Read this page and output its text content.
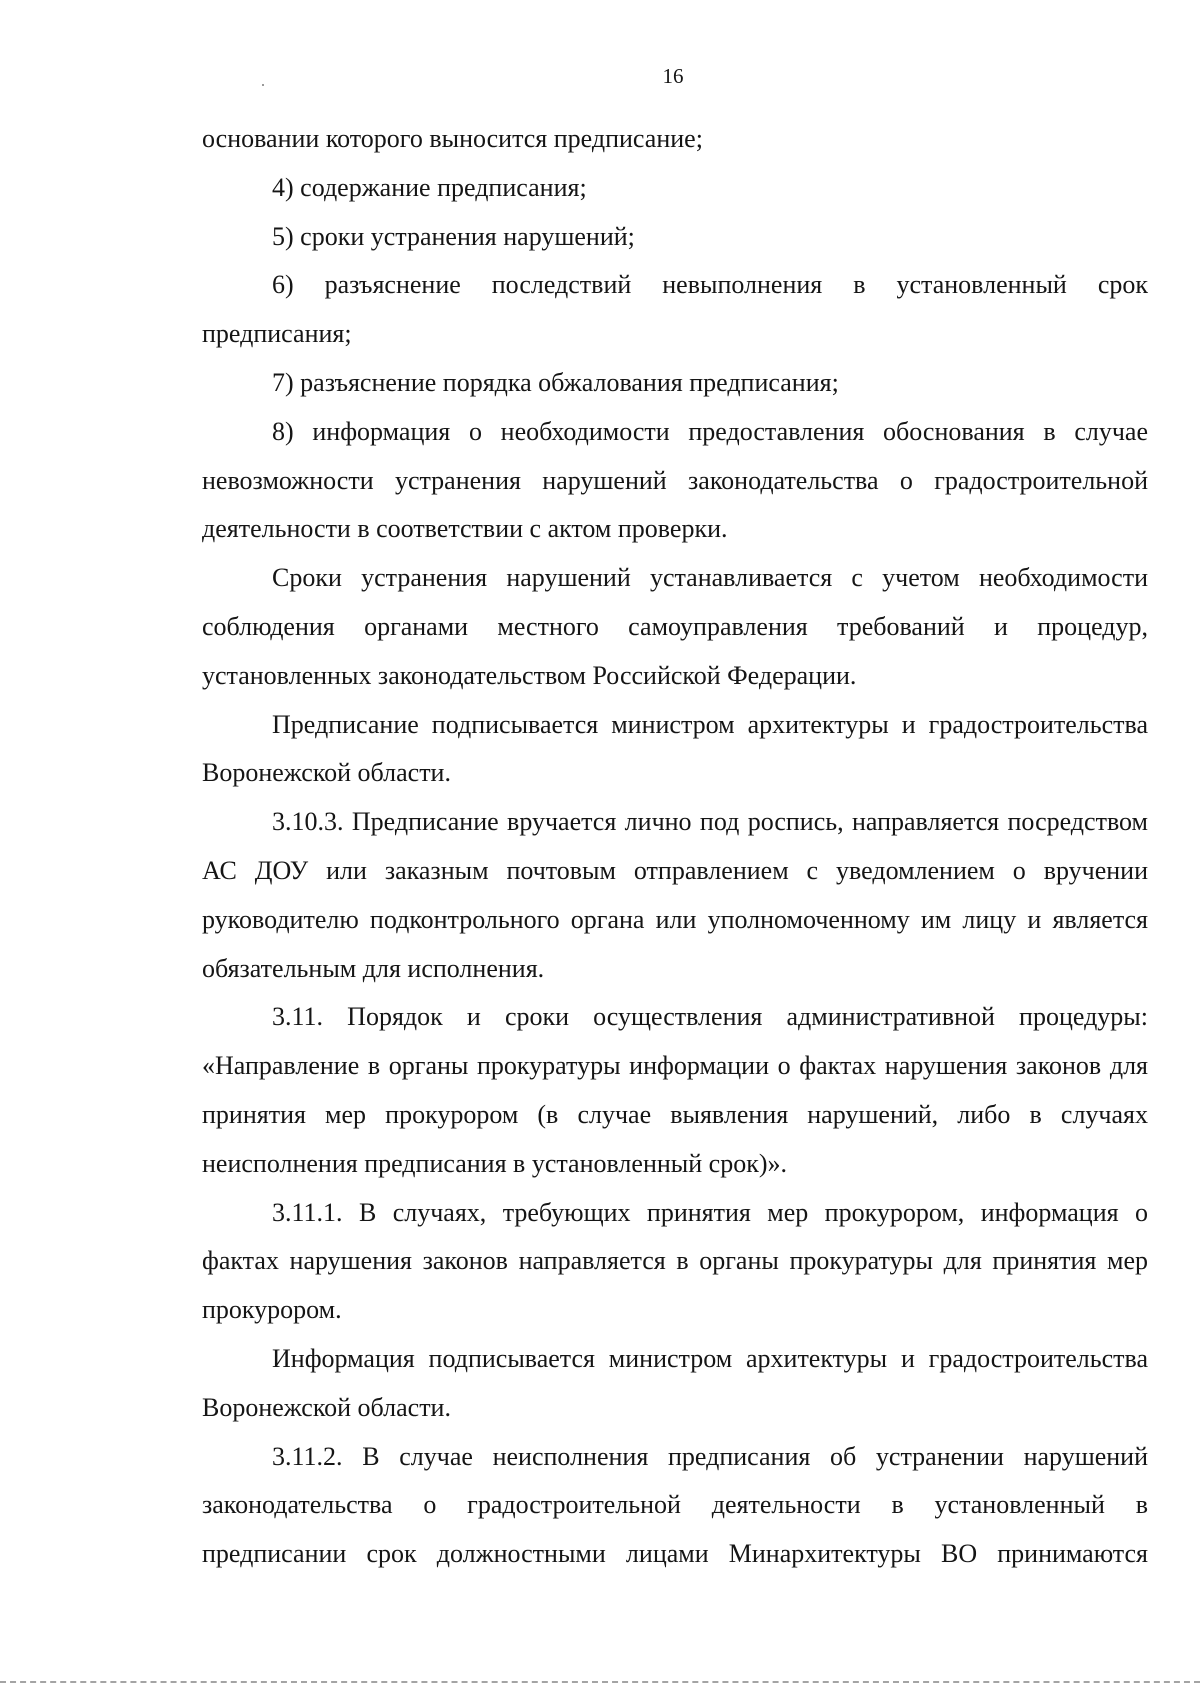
16

основании которого выносится предписание;

4) содержание предписания;

5) сроки устранения нарушений;

6) разъяснение последствий невыполнения в установленный срок предписания;

7) разъяснение порядка обжалования предписания;

8) информация о необходимости предоставления обоснования в случае невозможности устранения нарушений законодательства о градостроительной деятельности в соответствии с актом проверки.

Сроки устранения нарушений устанавливается с учетом необходимости соблюдения органами местного самоуправления требований и процедур, установленных законодательством Российской Федерации.

Предписание подписывается министром архитектуры и градостроительства Воронежской области.

3.10.3. Предписание вручается лично под роспись, направляется посредством АС ДОУ или заказным почтовым отправлением с уведомлением о вручении руководителю подконтрольного органа или уполномоченному им лицу и является обязательным для исполнения.

3.11. Порядок и сроки осуществления административной процедуры: «Направление в органы прокуратуры информации о фактах нарушения законов для принятия мер прокурором (в случае выявления нарушений, либо в случаях неисполнения предписания в установленный срок)».

3.11.1. В случаях, требующих принятия мер прокурором, информация о фактах нарушения законов направляется в органы прокуратуры для принятия мер прокурором.

Информация подписывается министром архитектуры и градостроительства Воронежской области.

3.11.2. В случае неисполнения предписания об устранении нарушений законодательства о градостроительной деятельности в установленный в предписании срок должностными лицами Минархитектуры ВО принимаются
